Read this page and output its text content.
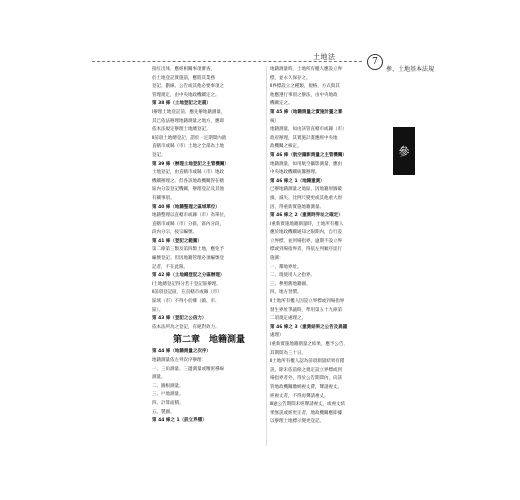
土地法	7
參、土地基本法規
參
接紅出体，應經相關事項審查，
於土地登記實施前，應將其業務
登記、劃線、公告或其他必要事項之
管理規定，由中央地政機關定之。
第 38 條（土地登記之定義）
Ⅰ辦理土地登記前，應先辦地籍測量，
其已依法辦理地籍測量之地方，應即
依本法規定辦理土地總登記。
Ⅱ前項土地總登記，謂於一定期間內就
直轄市或縣（市）土地之全部為土地
登記。
第 39 條（辦理土地登記之主管機關）
土地登記，由直轄市或縣（市）地政
機關辦理之。但各該地政機關得在轄
區內分設登記機關，辦理登記及其他
有關事項。
第 40 條（地籍整理之區域單位）
地籍整理以直轄市或縣（市）為單位，
直轄市或縣（市）分區，區內分段，
段內分宗，按宗編號。
第 41 條（登記之範圍）
第二條第三類及第四類土地，應免予
編號登記。但因地籍管理必須編號登
記者，不在此限。
第 42 條（土地總登記之分區辦理）
Ⅰ土地總登記得分若干登記區辦理。
Ⅱ前項登記區，在直轄市或縣（市）
區域（市）不得小於鄉（鎮、市、
區）。
第 43 條（登記之公信力）
依本法所為之登記，有絕對效力。
第二章　地籍測量
第 44 條（地籍測量之次序）
地籍測量依左列次序辦理：
一、三角測量、三邊測量或精密導線
測量。
二、圖根測量。
三、戶地測量。
四、計算面積。
五、製圖。
第 44 條之 1（設立界標）
地籍測量時，土地所有權人應設立界
標，並永久保存之。
Ⅱ界標設立之種類、規格、方式與其
他應遵行事項之辦法，由中央地政
機關定之。
第 45 條（地籍測量之實施計畫之審
核）
地籍測量，如由該管直轄市或縣（市）
政府辦理，其實施計畫應經中央地
政機關之核定。
第 46 條（航空攝影測量之主管機關）
地籍測量，如用航空攝影測量，應由
中央地政機關統籌辦理。
第 46 條之 1（地籍重測）
已辦地籍測量之地區，因地籍原圖破
損、滅失、比例尺變更或其他重大原
因，得重新實施地籍測量。
第 46 條之 2（重測時界址之確定）
Ⅰ重新實施地籍測量時，土地所有權人
應於地政機關通知之限期內，自行設
立界標，並到場指界。逾期不設立界
標或到場指界者，得依左列順序逕行
施測：
一、鄰地界址。
二、現使用人之指界。
三、參照舊地籍圖。
四、地方習慣。
Ⅱ土地所有權人因設立界標或到場指界
發生界址爭議時，準用第五十九條第
二項規定處理之。
第 46 條之 3（重測結果之公告及異議
處理）
Ⅰ重新實施地籍測量之結果，應予公告，
其期間為三十日。
Ⅱ土地所有權人認為前項測量結果有錯
誤，除未依前條之規定設立界標或到
場指界者外，得於公告期間內，向該
管地政機關繳納複丈費，聲請複丈。
經複丈者，不得再聲請複丈。
Ⅲ逾公告期間未經聲請複丈，或複丈結
果無誤或經更正者，地政機關應即據
以辦理土地標示變更登記。
